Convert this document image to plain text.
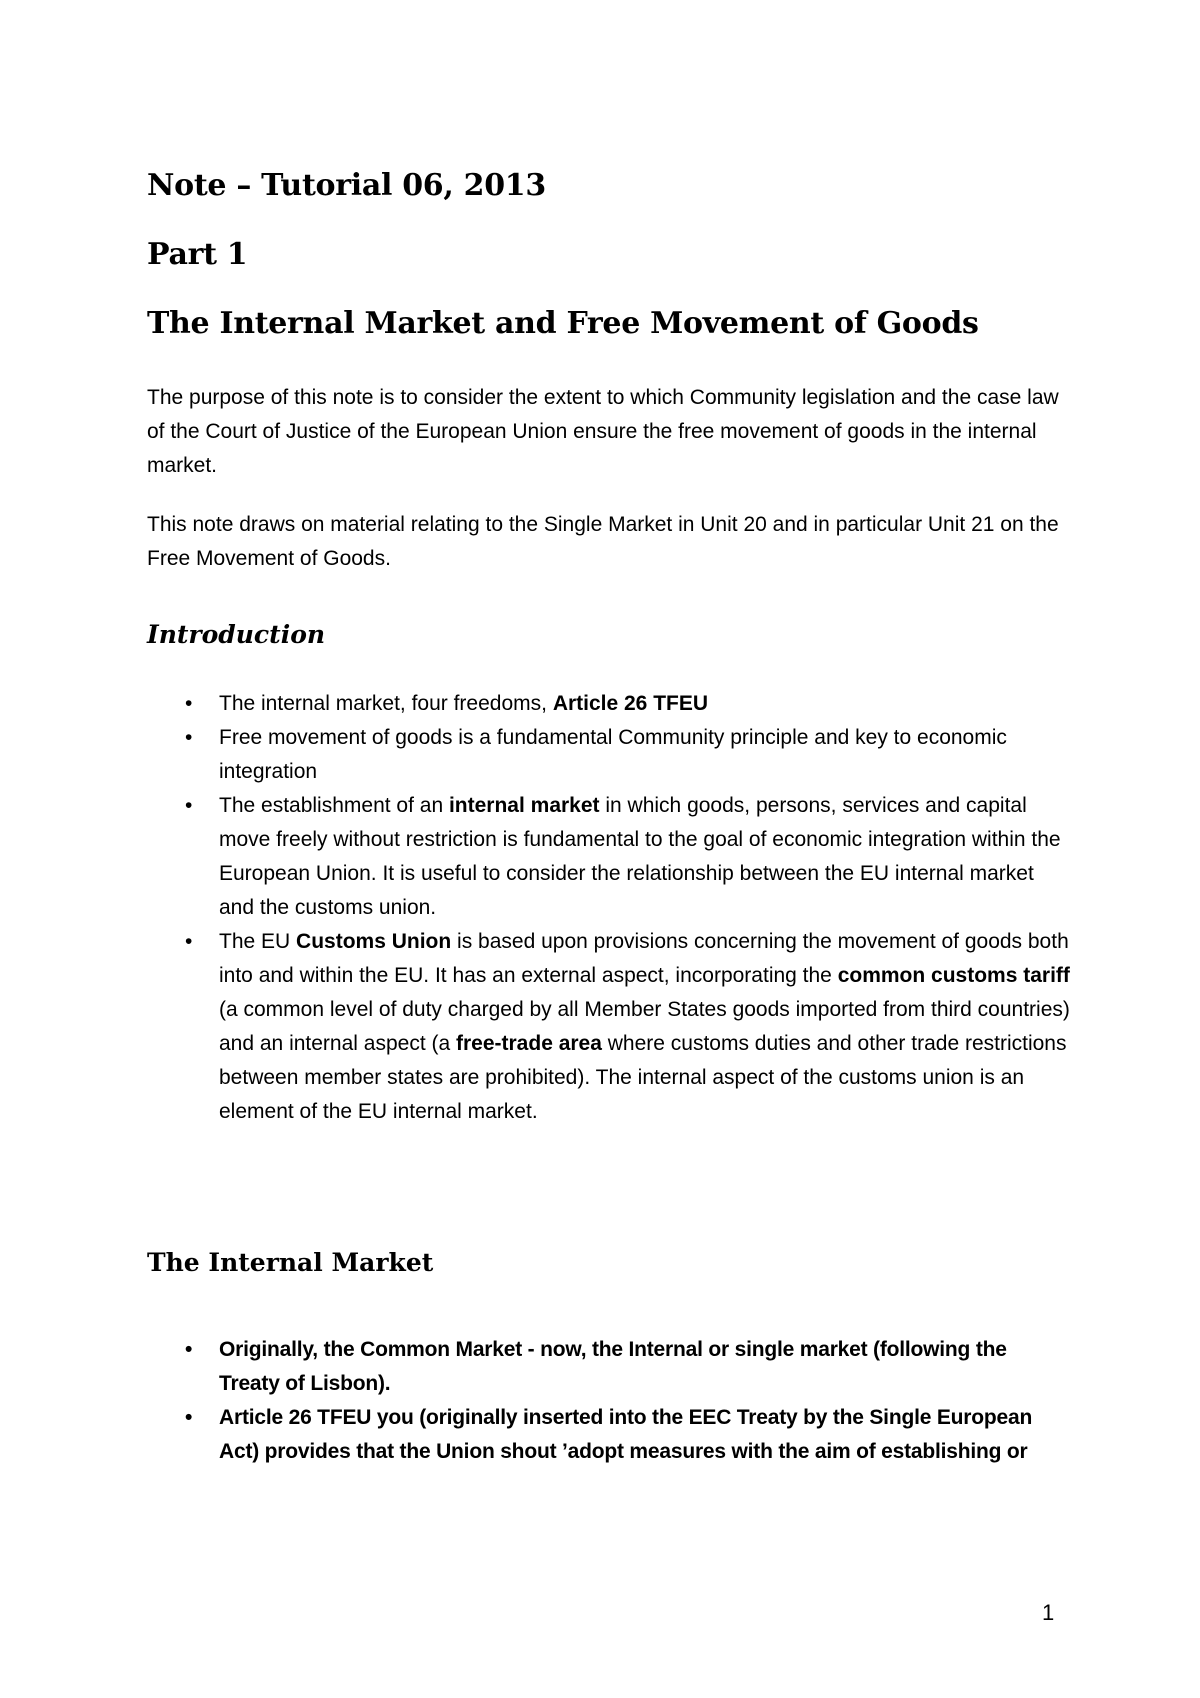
Note – Tutorial 06, 2013
Part 1
The Internal Market and Free Movement of Goods

The purpose of this note is to consider the extent to which Community legislation and the case law of the Court of Justice of the European Union ensure the free movement of goods in the internal market.

This note draws on material relating to the Single Market in Unit 20 and in particular Unit 21 on the Free Movement of Goods.

Introduction
• The internal market, four freedoms, Article 26 TFEU
• Free movement of goods is a fundamental Community principle and key to economic integration
• The establishment of an internal market in which goods, persons, services and capital move freely without restriction is fundamental to the goal of economic integration within the European Union. It is useful to consider the relationship between the EU internal market and the customs union.
• The EU Customs Union is based upon provisions concerning the movement of goods both into and within the EU. It has an external aspect, incorporating the common customs tariff (a common level of duty charged by all Member States goods imported from third countries) and an internal aspect (a free-trade area where customs duties and other trade restrictions between member states are prohibited). The internal aspect of the customs union is an element of the EU internal market.
The Internal Market
• Originally, the Common Market - now, the Internal or single market (following the Treaty of Lisbon).
• Article 26 TFEU you (originally inserted into the EEC Treaty by the Single European Act) provides that the Union shout ’adopt measures with the aim of establishing or
1
